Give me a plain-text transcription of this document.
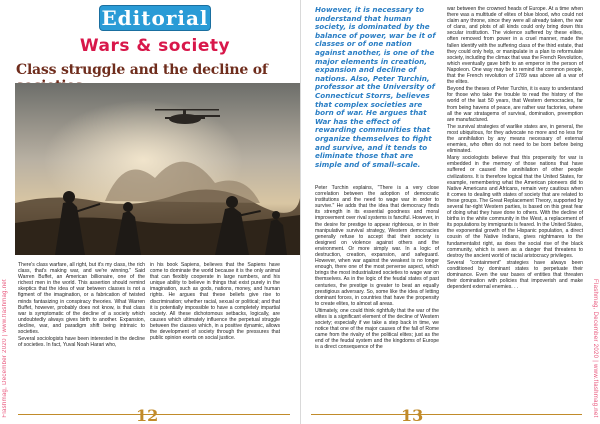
Flashmag, December 2020 | www.flashmag.net
Editorial
Wars & society
Class struggle and the decline of

There's class warfare, all right, but it's my class, the rich class, that's making war, and we're winning." Said Warren Buffet, an American billionaire, one of the richest men in the world. This assertion should remind skeptics that the idea of war between classes is not a figment of the imagination, or a fabrication of twisted minds fantasizing in conspiracy theories. What Warren Buffet, however, probably does not know, is that class war is symptomatic of the decline of a society which undoubtedly always gives birth to another. Expansion, decline, war, and paradigm shift being intrinsic to societies.

Several sociologists have been interested in the decline of societies. In fact, Yuval Noah Harari who,

in his book Sapiens, believes that the Sapiens have come to dominate the world because it is the only animal that can flexibly cooperate in large numbers, and his unique ability to believe in things that exist purely in the imagination, such as gods, nations, money, and human rights. He argues that these beliefs give rise to discrimination; whether racial, sexual or political; and that it is potentially impossible to have a completely impartial society. All these dichotomous setbacks, logically, are causes which ultimately influence the perpetual struggle between the classes which, in a positive dynamic, allows the development of society through the pressures that public opinion exerts on social justice.

12
However, it is necessary to understand that human society, is dominated by the balance of power, war be it of classes or of one nation against another, is one of the major elements in creation, expansion and decline of nations. Also, Peter Turchin, professor at the University of Connecticut Storrs, believes that complex societies are born of war. He argues that War has the effect of rewarding communities that organize themselves to fight and survive, and it tends to eliminate those that are simple and of small-scale.

Peter Turchin explains, "There is a very close correlation between the adoption of democratic institutions and the need to wage war in order to survive." He adds that the idea that democracy finds its strength in its essential goodness and moral improvement over rival systems is fanciful. However, in the desire for prestige to appear righteous, or in their manipulative survival strategy, Western democracies generally refuse to accept that their society is designed on violence against others and the environment. Or more simply war. In a logic of destruction, creation, expansion, and safeguard. However, when war against the weakest is no longer enough, there one of the most perverse aspect, which brings the most industrialized societies to wage war on themselves. As in the logic of the feudal states of past centuries, the prestige is greater to beat an equally prestigious adversary. So, some like the idea of letting dominant forces, in countries that have the propensity to create elites, to almost all areas.

Ultimately, one could think rightfully that the war of the elites is a significant element of the decline of Western society; especially if we take a step back in time, we notice that one of the major causes of the fall of Rome came from the rivalry of the political elites; just as the end of the feudal system and the kingdoms of Europe is a direct consequence of the

war between the crowned heads of Europe. At a time when there was a multitude of elites of blue blood, who could not claim any throne, since they were all already taken, the war of clans, and plots of all kinds could only bring down this secular institution. The violence suffered by these elites, often removed from power in a cruel manner, made the fallen identify with the suffering class of the third estate, that they could only help, or manipulate in a plan to reformulate society, including the climax that was the French Revolution, which eventually gave birth to an emperor in the person of Napoleon. One way may be to remind the common people, that the French revolution of 1789 was above all a war of the elites.

Beyond the theses of Peter Turchin, it is easy to understand for those who take the trouble to read the history of the world of the last 50 years, that Western democracies, far from being havens of peace, are rather war factories, where all the war stratagems of survival, domination, preemption are manufactured.

The survival strategies of warlike states are, in general, the most ubiquitous, for they advocate no more and no less for the annihilation by any means necessary of external enemies, who often do not need to be born before being eliminated.

Many sociologists believe that this propensity for war is embedded in the memory of those nations that have suffered or caused the annihilation of other people civilizations. It is therefore logical that the United States, for example, remembering what the American pioneers did to Native Americans and Africans, remain very cautious when it comes to dealing with states of society that are related to these groups. The Great Replacement Theory, supported by several far-right Western parties, is based on this great fear of doing what they have done to others. With the decline of births in the white community in the West, a replacement of its populations by immigrants is feared. In the United States, the exponential growth of the Hispanic population, a direct cousin of the Native Indians, gives nightmares to the fundamentalist right, as does the social rise of the black community, which is seen as a danger that threatens to destroy the ancient world of racial aristocracy privileges.

Several "containment" strategies have always been conditioned by dominant states to perpetuate their dominance. Even the war bases of entities that threaten their domination with policies that impoverish and make dependent external enemies. . .

13	Flashmag, December 2020 | www.flashmag.net
